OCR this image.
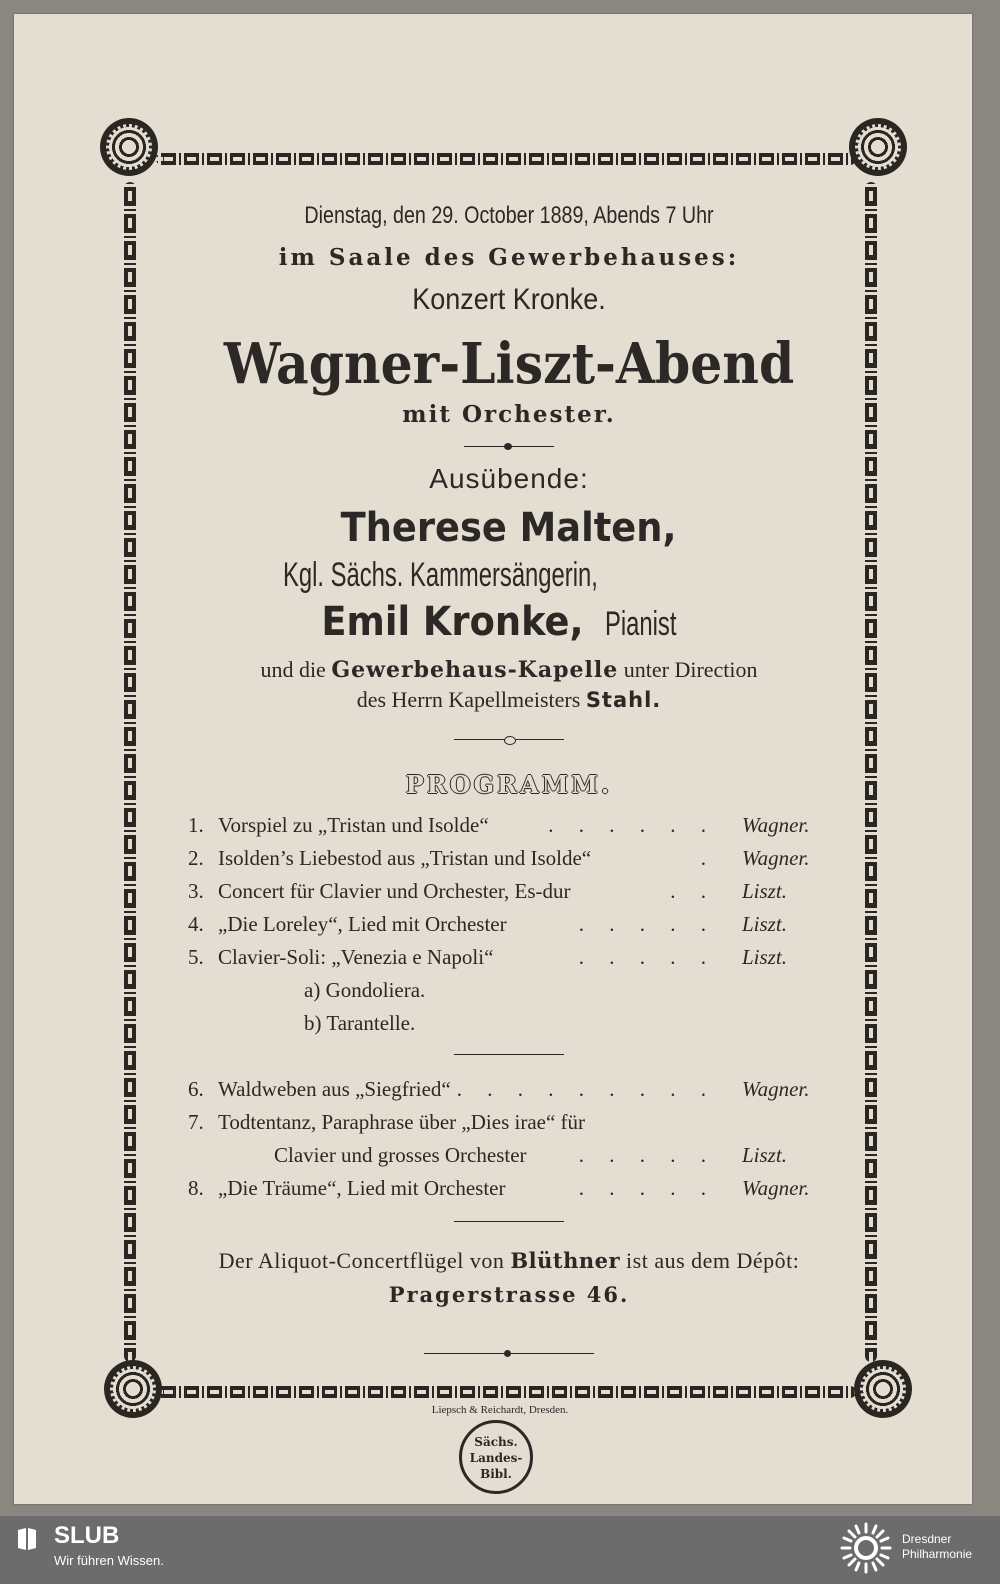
Dienstag, den 29. October 1889, Abends 7 Uhr
im Saale des Gewerbehauses:
Konzert Kronke.
Wagner-Liszt-Abend
mit Orchester.
Ausübende:
Therese Malten, Kgl. Sächs. Kammersängerin,
Emil Kronke, Pianist
und die Gewerbehaus-Kapelle unter Direction
des Herrn Kapellmeisters Stahl.
PROGRAMM.
1. Vorspiel zu „Tristan und Isolde“	. . . . . . Wagner.
2. Isolden’s Liebestod aus „Tristan und Isolde“	. Wagner.
3. Concert für Clavier und Orchester, Es-dur	. . Liszt.
4. „Die Loreley“, Lied mit Orchester	. . . . . Liszt.
5. Clavier-Soli: „Venezia e Napoli“	. . . . . Liszt.
a) Gondoliera.
b) Tarantelle.
6. Waldweben aus „Siegfried“ . . . . . . . . . Wagner.
7. Todtentanz, Paraphrase über „Dies irae“ für
Clavier und grosses Orchester . . . . . Liszt.
8. „Die Träume“, Lied mit Orchester	. . . . . Wagner.
Der Aliquot-Concertflügel von Blüthner ist aus dem Dépôt:
Pragerstrasse 46.
Liepsch & Reichardt, Dresden.
Sächs.
Landes-
Bibl.
SLUB
Wir führen Wissen.
Dresdner
Philharmonie
